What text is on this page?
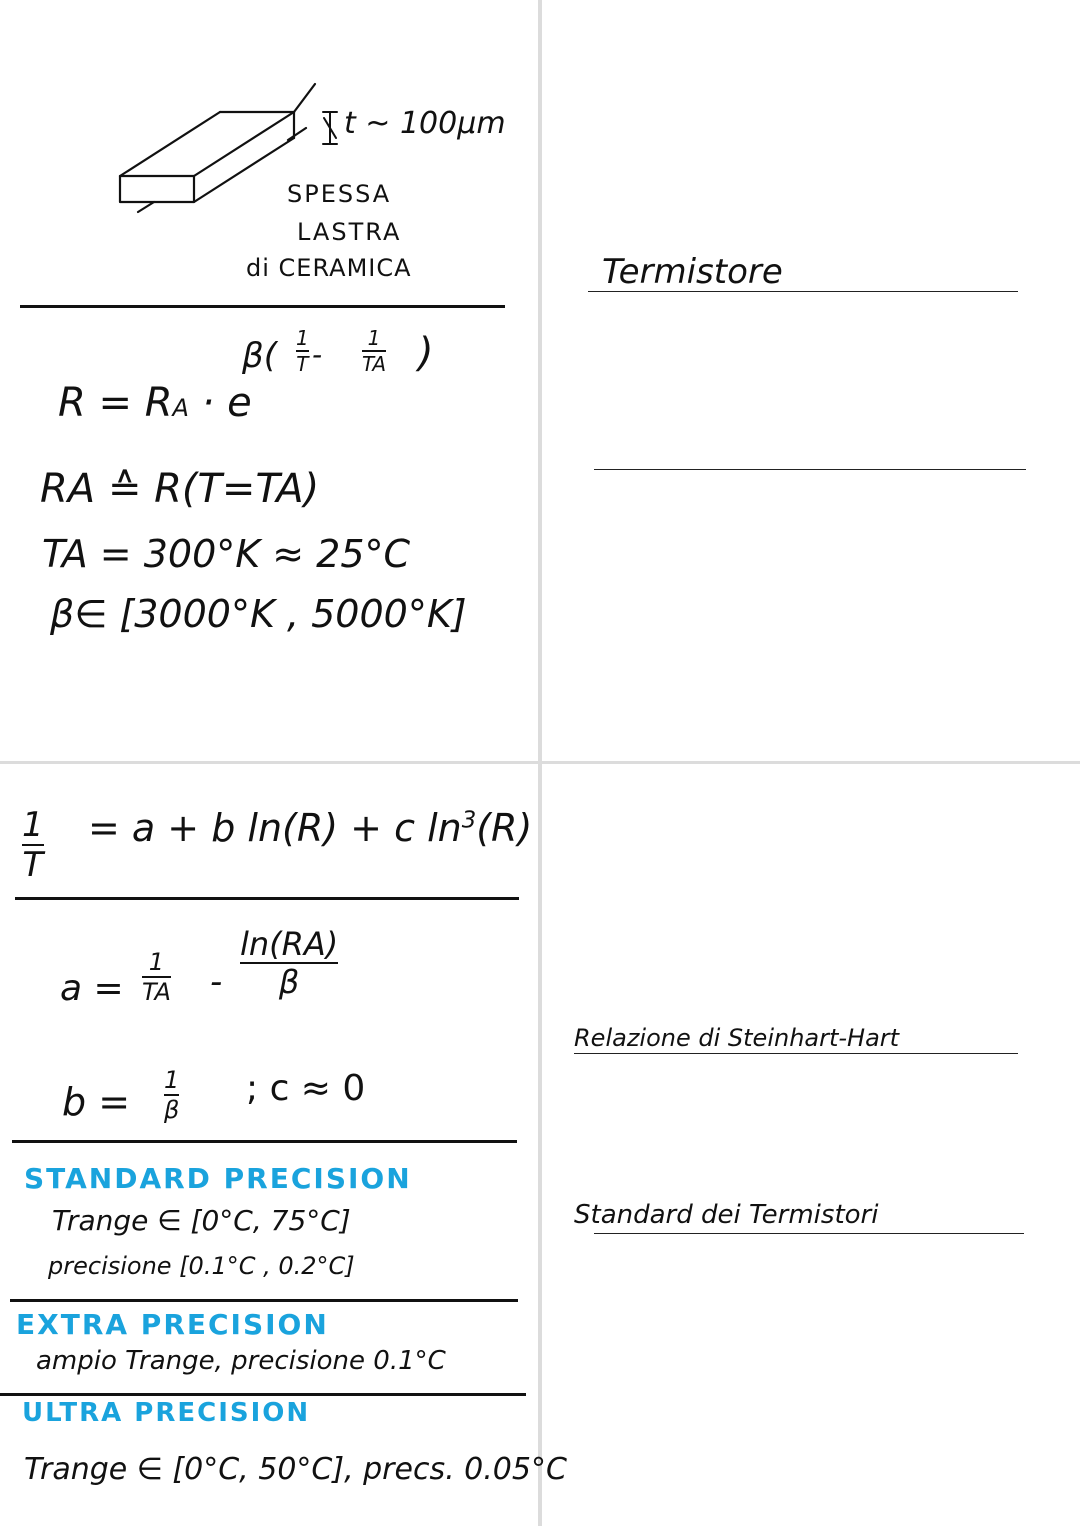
t ~ 100μm
SPESSA
LASTRA
di CERAMICA
R = RA · e
β( 1
T - 1
TA )
RA ≙ R(T=TA)
TA = 300°K ≈ 25°C
β∈ [3000°K , 5000°K]
Termistore
1
T
= a + b ln(R) + c $\ln^3(R)$
a =
1
TA -
ln(RA)
β
b = 1
β
; c ≈ 0
STANDARD PRECISION
Trange ∈ [0°C, 75°C]
precisione [0.1°C , 0.2°C]
EXTRA PRECISION
ampio Trange, precisione 0.1°C
ULTRA PRECISION
Trange ∈ [0°C, 50°C], precs. 0.05°C
Relazione di Steinhart-Hart
Standard dei Termistori
